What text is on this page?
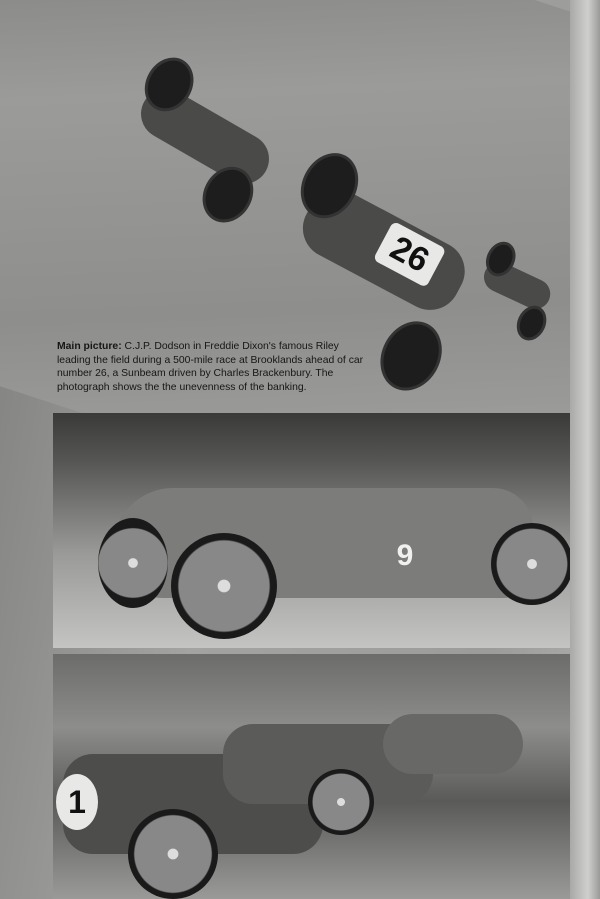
26
Main picture: C.J.P. Dodson in Freddie Dixon's famous Riley leading the field during a 500-mile race at Brooklands ahead of car number 26, a Sunbeam driven by Charles Brackenbury. The photograph shows the the unevenness of the banking.
9
1
